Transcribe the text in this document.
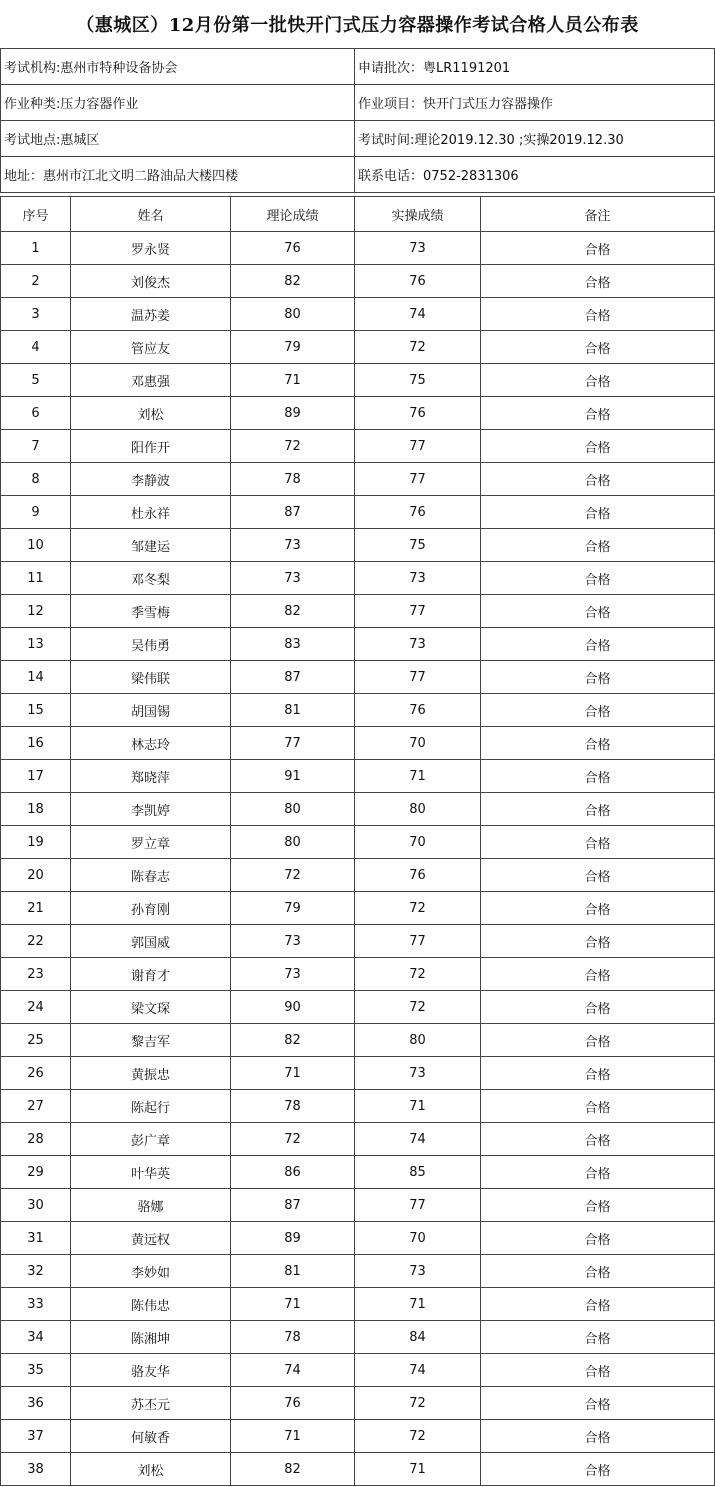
（惠城区）12月份第一批快开门式压力容器操作考试合格人员公布表
考试机构:惠州市特种设备协会	申请批次：粤LR1191201
作业种类:压力容器作业	作业项目：快开门式压力容器操作
考试地点:惠城区	考试时间:理论2019.12.30 ;实操2019.12.30
地址：惠州市江北文明二路油品大楼四楼	联系电话：0752-2831306
序号	姓名	理论成绩	实操成绩	备注
1	罗永贤	76	73	合格
2	刘俊杰	82	76	合格
3	温苏姜	80	74	合格
4	管应友	79	72	合格
5	邓惠强	71	75	合格
6	刘松	89	76	合格
7	阳作开	72	77	合格
8	李静波	78	77	合格
9	杜永祥	87	76	合格
10	邹建运	73	75	合格
11	邓冬梨	73	73	合格
12	季雪梅	82	77	合格
13	吴伟勇	83	73	合格
14	梁伟联	87	77	合格
15	胡国锡	81	76	合格
16	林志玲	77	70	合格
17	郑晓萍	91	71	合格
18	李凯婷	80	80	合格
19	罗立章	80	70	合格
20	陈春志	72	76	合格
21	孙育刚	79	72	合格
22	郭国威	73	77	合格
23	谢育才	73	72	合格
24	梁文琛	90	72	合格
25	黎吉军	82	80	合格
26	黄振忠	71	73	合格
27	陈起行	78	71	合格
28	彭广章	72	74	合格
29	叶华英	86	85	合格
30	骆娜	87	77	合格
31	黄远权	89	70	合格
32	李妙如	81	73	合格
33	陈伟忠	71	71	合格
34	陈湘坤	78	84	合格
35	骆友华	74	74	合格
36	苏丕元	76	72	合格
37	何敏香	71	72	合格
38	刘松	82	71	合格
